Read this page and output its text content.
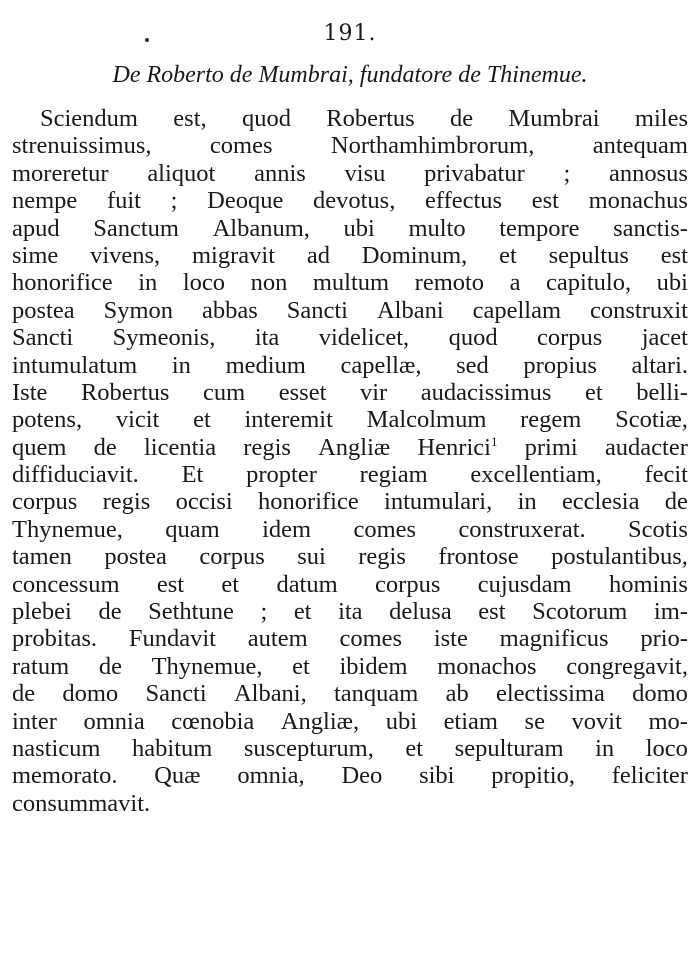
191.
De Roberto de Mumbrai, fundatore de Thinemue.
Sciendum est, quod Robertus de Mumbrai miles
strenuissimus, comes Northamhimbrorum, antequam
moreretur aliquot annis visu privabatur ; annosus
nempe fuit ; Deoque devotus, effectus est monachus
apud Sanctum Albanum, ubi multo tempore sanctis-
sime vivens, migravit ad Dominum, et sepultus est
honorifice in loco non multum remoto a capitulo, ubi
postea Symon abbas Sancti Albani capellam construxit
Sancti Symeonis, ita videlicet, quod corpus jacet
intumulatum in medium capellæ, sed propius altari.
Iste Robertus cum esset vir audacissimus et belli-
potens, vicit et interemit Malcolmum regem Scotiæ,
quem de licentia regis Angliæ Henrici$^1$ primi audacter
diffiduciavit. Et propter regiam excellentiam, fecit
corpus regis occisi honorifice intumulari, in ecclesia de
Thynemue, quam idem comes construxerat. Scotis
tamen postea corpus sui regis frontose postulantibus,
concessum est et datum corpus cujusdam hominis
plebei de Sethtune ; et ita delusa est Scotorum im-
probitas. Fundavit autem comes iste magnificus prio-
ratum de Thynemue, et ibidem monachos congregavit,
de domo Sancti Albani, tanquam ab electissima domo
inter omnia cœnobia Angliæ, ubi etiam se vovit mo-
nasticum habitum suscepturum, et sepulturam in loco
memorato. Quæ omnia, Deo sibi propitio, feliciter
consummavit.
